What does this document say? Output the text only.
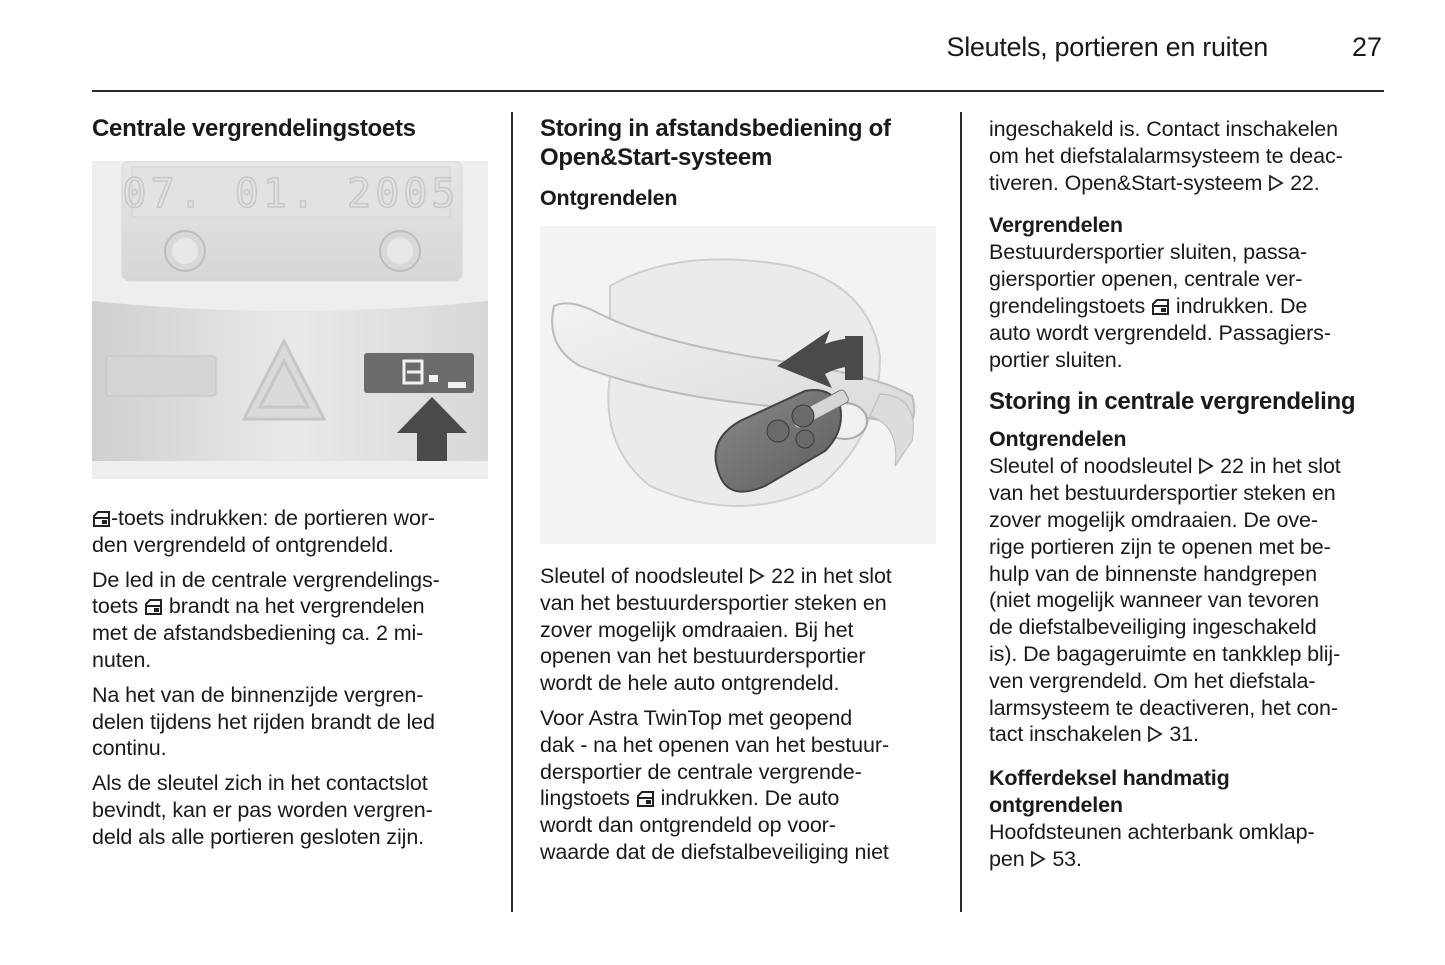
Sleutels, portieren en ruiten	27
Centrale vergrendelingstoets
07. 01. 2005

-toets indrukken: de portieren wor-
den vergrendeld of ontgrendeld.

De led in de centrale vergrendelings-
toets  brandt na het vergrendelen
met de afstandsbediening ca. 2 mi-
nuten.

Na het van de binnenzijde vergren-
delen tijdens het rijden brandt de led
continu.

Als de sleutel zich in het contactslot
bevindt, kan er pas worden vergren-
deld als alle portieren gesloten zijn.

Storing in afstandsbediening of
Open&Start-systeem
Ontgrendelen

Sleutel of noodsleutel  22 in het slot
van het bestuurdersportier steken en
zover mogelijk omdraaien. Bij het
openen van het bestuurdersportier
wordt de hele auto ontgrendeld.

Voor Astra TwinTop met geopend
dak - na het openen van het bestuur-
dersportier de centrale vergrende-
lingstoets  indrukken. De auto
wordt dan ontgrendeld op voor-
waarde dat de diefstalbeveiliging niet

ingeschakeld is. Contact inschakelen
om het diefstalalarmsysteem te deac-
tiveren. Open&Start-systeem  22.

Vergrendelen

Bestuurdersportier sluiten, passa-
giersportier openen, centrale ver-
grendelingstoets  indrukken. De
auto wordt vergrendeld. Passagiers-
portier sluiten.

Storing in centrale vergrendeling
Ontgrendelen

Sleutel of noodsleutel  22 in het slot
van het bestuurdersportier steken en
zover mogelijk omdraaien. De ove-
rige portieren zijn te openen met be-
hulp van de binnenste handgrepen
(niet mogelijk wanneer van tevoren
de diefstalbeveiliging ingeschakeld
is). De bagageruimte en tankklep blij-
ven vergrendeld. Om het diefstala-
larmsysteem te deactiveren, het con-
tact inschakelen  31.

Kofferdeksel handmatig
ontgrendelen

Hoofdsteunen achterbank omklap-
pen  53.
